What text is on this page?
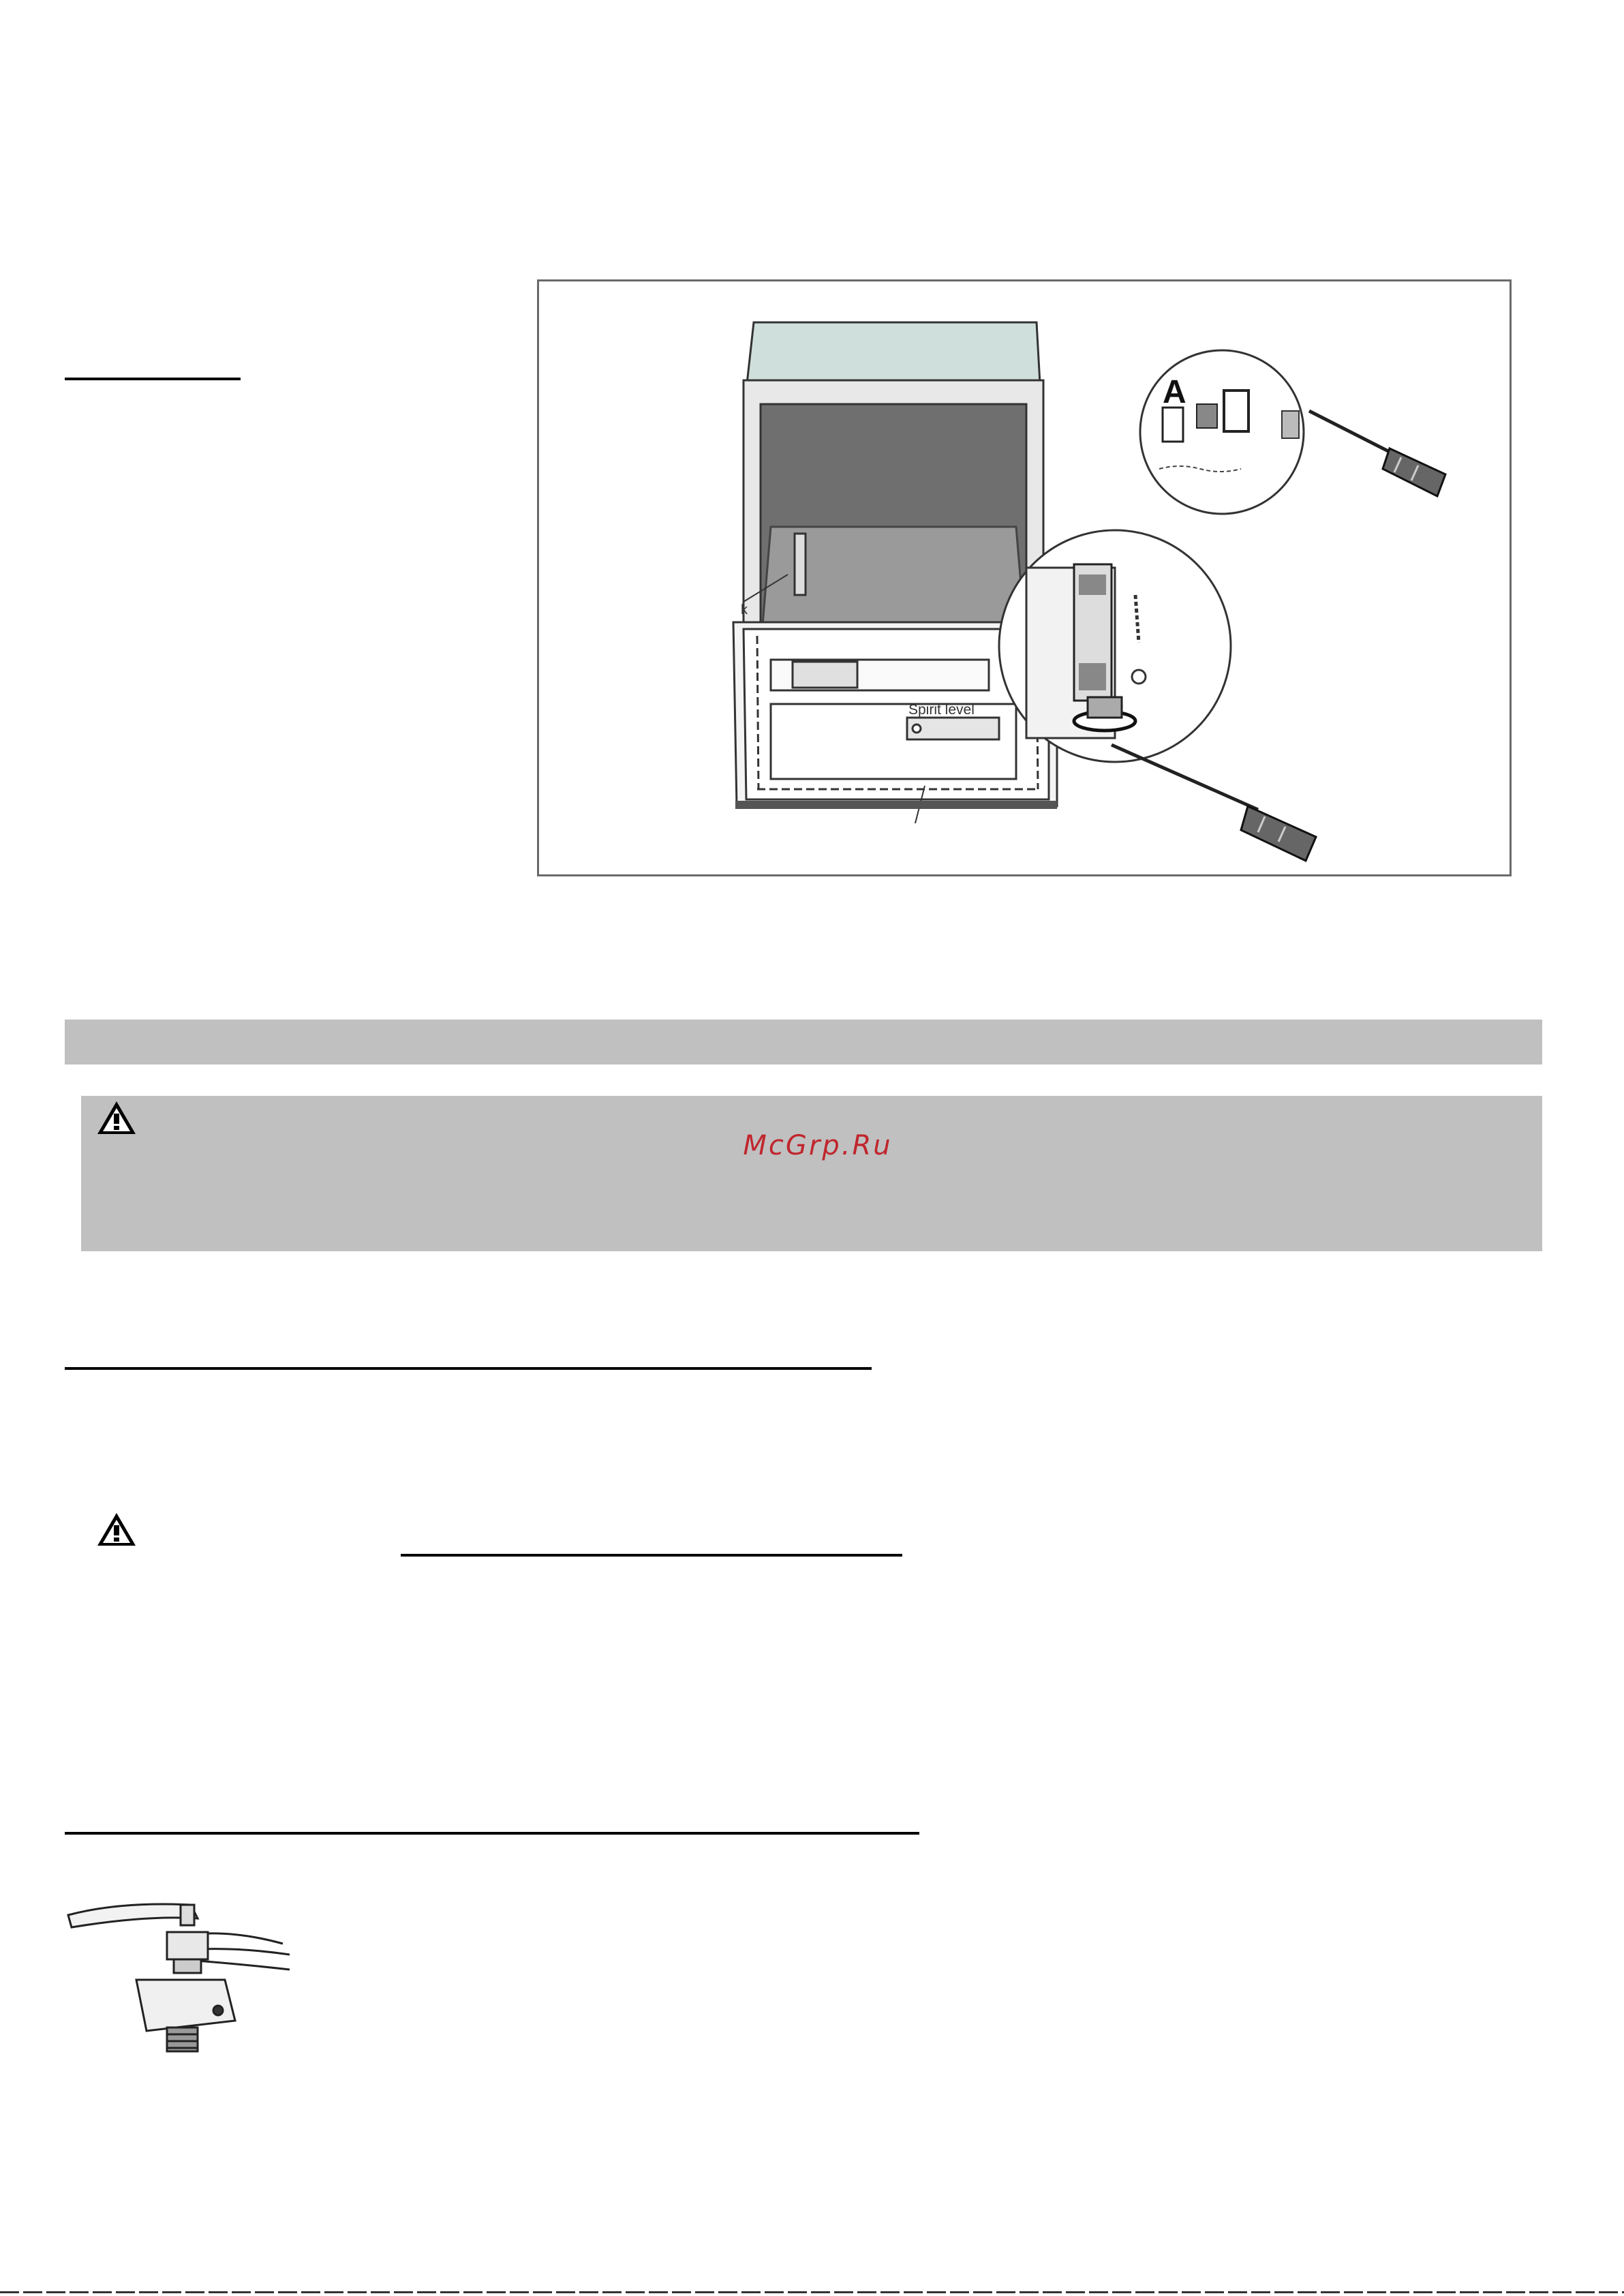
Spirit level
k
A
McGrp.Ru
